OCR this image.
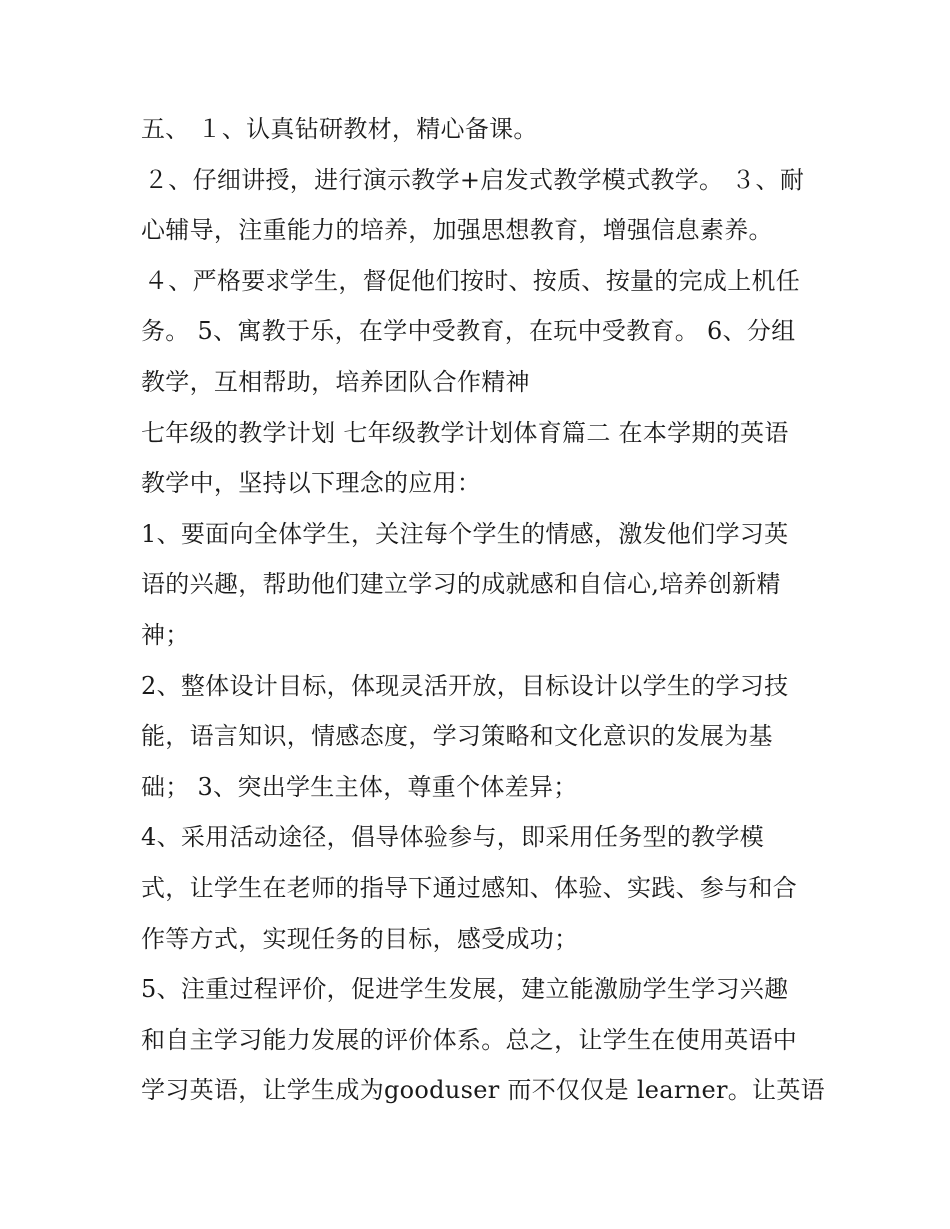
五、 １、认真钻研教材，精心备课。
２、仔细讲授，进行演示教学+启发式教学模式教学。 ３、耐
心辅导，注重能力的培养，加强思想教育，增强信息素养。
４、严格要求学生，督促他们按时、按质、按量的完成上机任
务。 5、寓教于乐，在学中受教育，在玩中受教育。 6、分组
教学，互相帮助，培养团队合作精神
七年级的教学计划 七年级教学计划体育篇二 在本学期的英语
教学中，坚持以下理念的应用：
1、要面向全体学生，关注每个学生的情感，激发他们学习英
语的兴趣，帮助他们建立学习的成就感和自信心,培养创新精
神；
2、整体设计目标，体现灵活开放，目标设计以学生的学习技
能，语言知识，情感态度，学习策略和文化意识的发展为基
础； 3、突出学生主体，尊重个体差异；
4、采用活动途径，倡导体验参与，即采用任务型的教学模
式，让学生在老师的指导下通过感知、体验、实践、参与和合
作等方式，实现任务的目标，感受成功；
5、注重过程评价，促进学生发展，建立能激励学生学习兴趣
和自主学习能力发展的评价体系。总之，让学生在使用英语中
学习英语，让学生成为gooduser 而不仅仅是 learner。让英语
